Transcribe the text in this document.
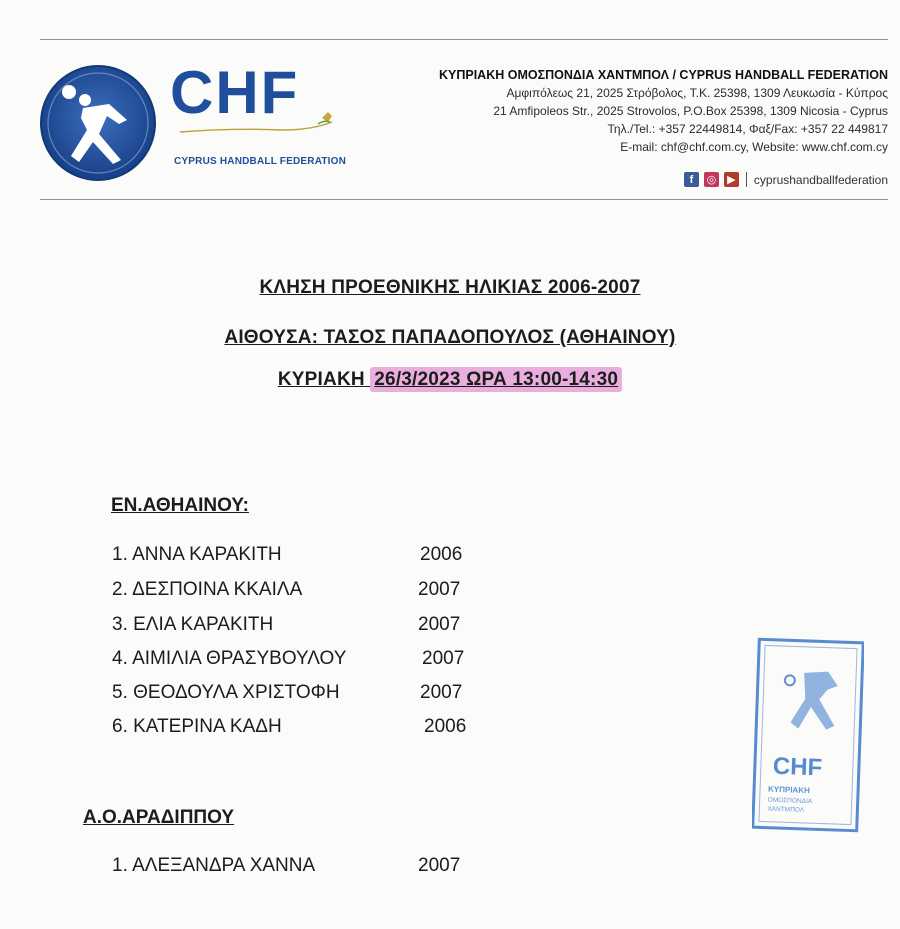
CHF
CYPRUS HANDBALL FEDERATION
ΚΥΠΡΙΑΚΗ ΟΜΟΣΠΟΝΔΙΑ ΧΑΝΤΜΠΟΛ / CYPRUS HANDBALL FEDERATION
Αμφιπόλεως 21, 2025 Στρόβολος, Τ.Κ. 25398, 1309 Λευκωσία - Κύπρος
21 Amfipoleos Str., 2025 Strovolos, P.O.Box 25398, 1309 Nicosia - Cyprus
Τηλ./Tel.: +357 22449814, Φαξ/Fax: +357 22 449817
E-mail: chf@chf.com.cy, Website: www.chf.com.cy
f	◎ ▶ cyprushandballfederation
ΚΛΗΣΗ ΠΡΟΕΘΝΙΚΗΣ ΗΛΙΚΙΑΣ 2006-2007
ΑΙΘΟΥΣΑ: ΤΑΣΟΣ ΠΑΠΑΔΟΠΟΥΛΟΣ (ΑΘΗΑΙΝΟΥ)
ΚΥΡΙΑΚΗ 26/3/2023 ΩΡΑ 13:00-14:30
ΕΝ.ΑΘΗΑΙΝΟΥ:
1. ΑΝΝΑ ΚΑΡΑΚΙΤΗ	2006
2. ΔΕΣΠΟΙΝΑ ΚΚΑΙΛΑ	2007
3. ΕΛΙΑ ΚΑΡΑΚΙΤΗ	2007
4. ΑΙΜΙΛΙΑ ΘΡΑΣΥΒΟΥΛΟΥ	2007
5. ΘΕΟΔΟΥΛΑ ΧΡΙΣΤΟΦΗ	2007
6. ΚΑΤΕΡΙΝΑ ΚΑΔΗ	2006
Α.Ο.ΑΡΑΔΙΠΠΟΥ
1. ΑΛΕΞΑΝΔΡΑ ΧΑΝΝΑ	2007
CHF
ΚΥΠΡΙΑΚΗ
ΟΜΟΣΠΟΝΔΙΑ
ΧΑΝΤΜΠΟΛ
